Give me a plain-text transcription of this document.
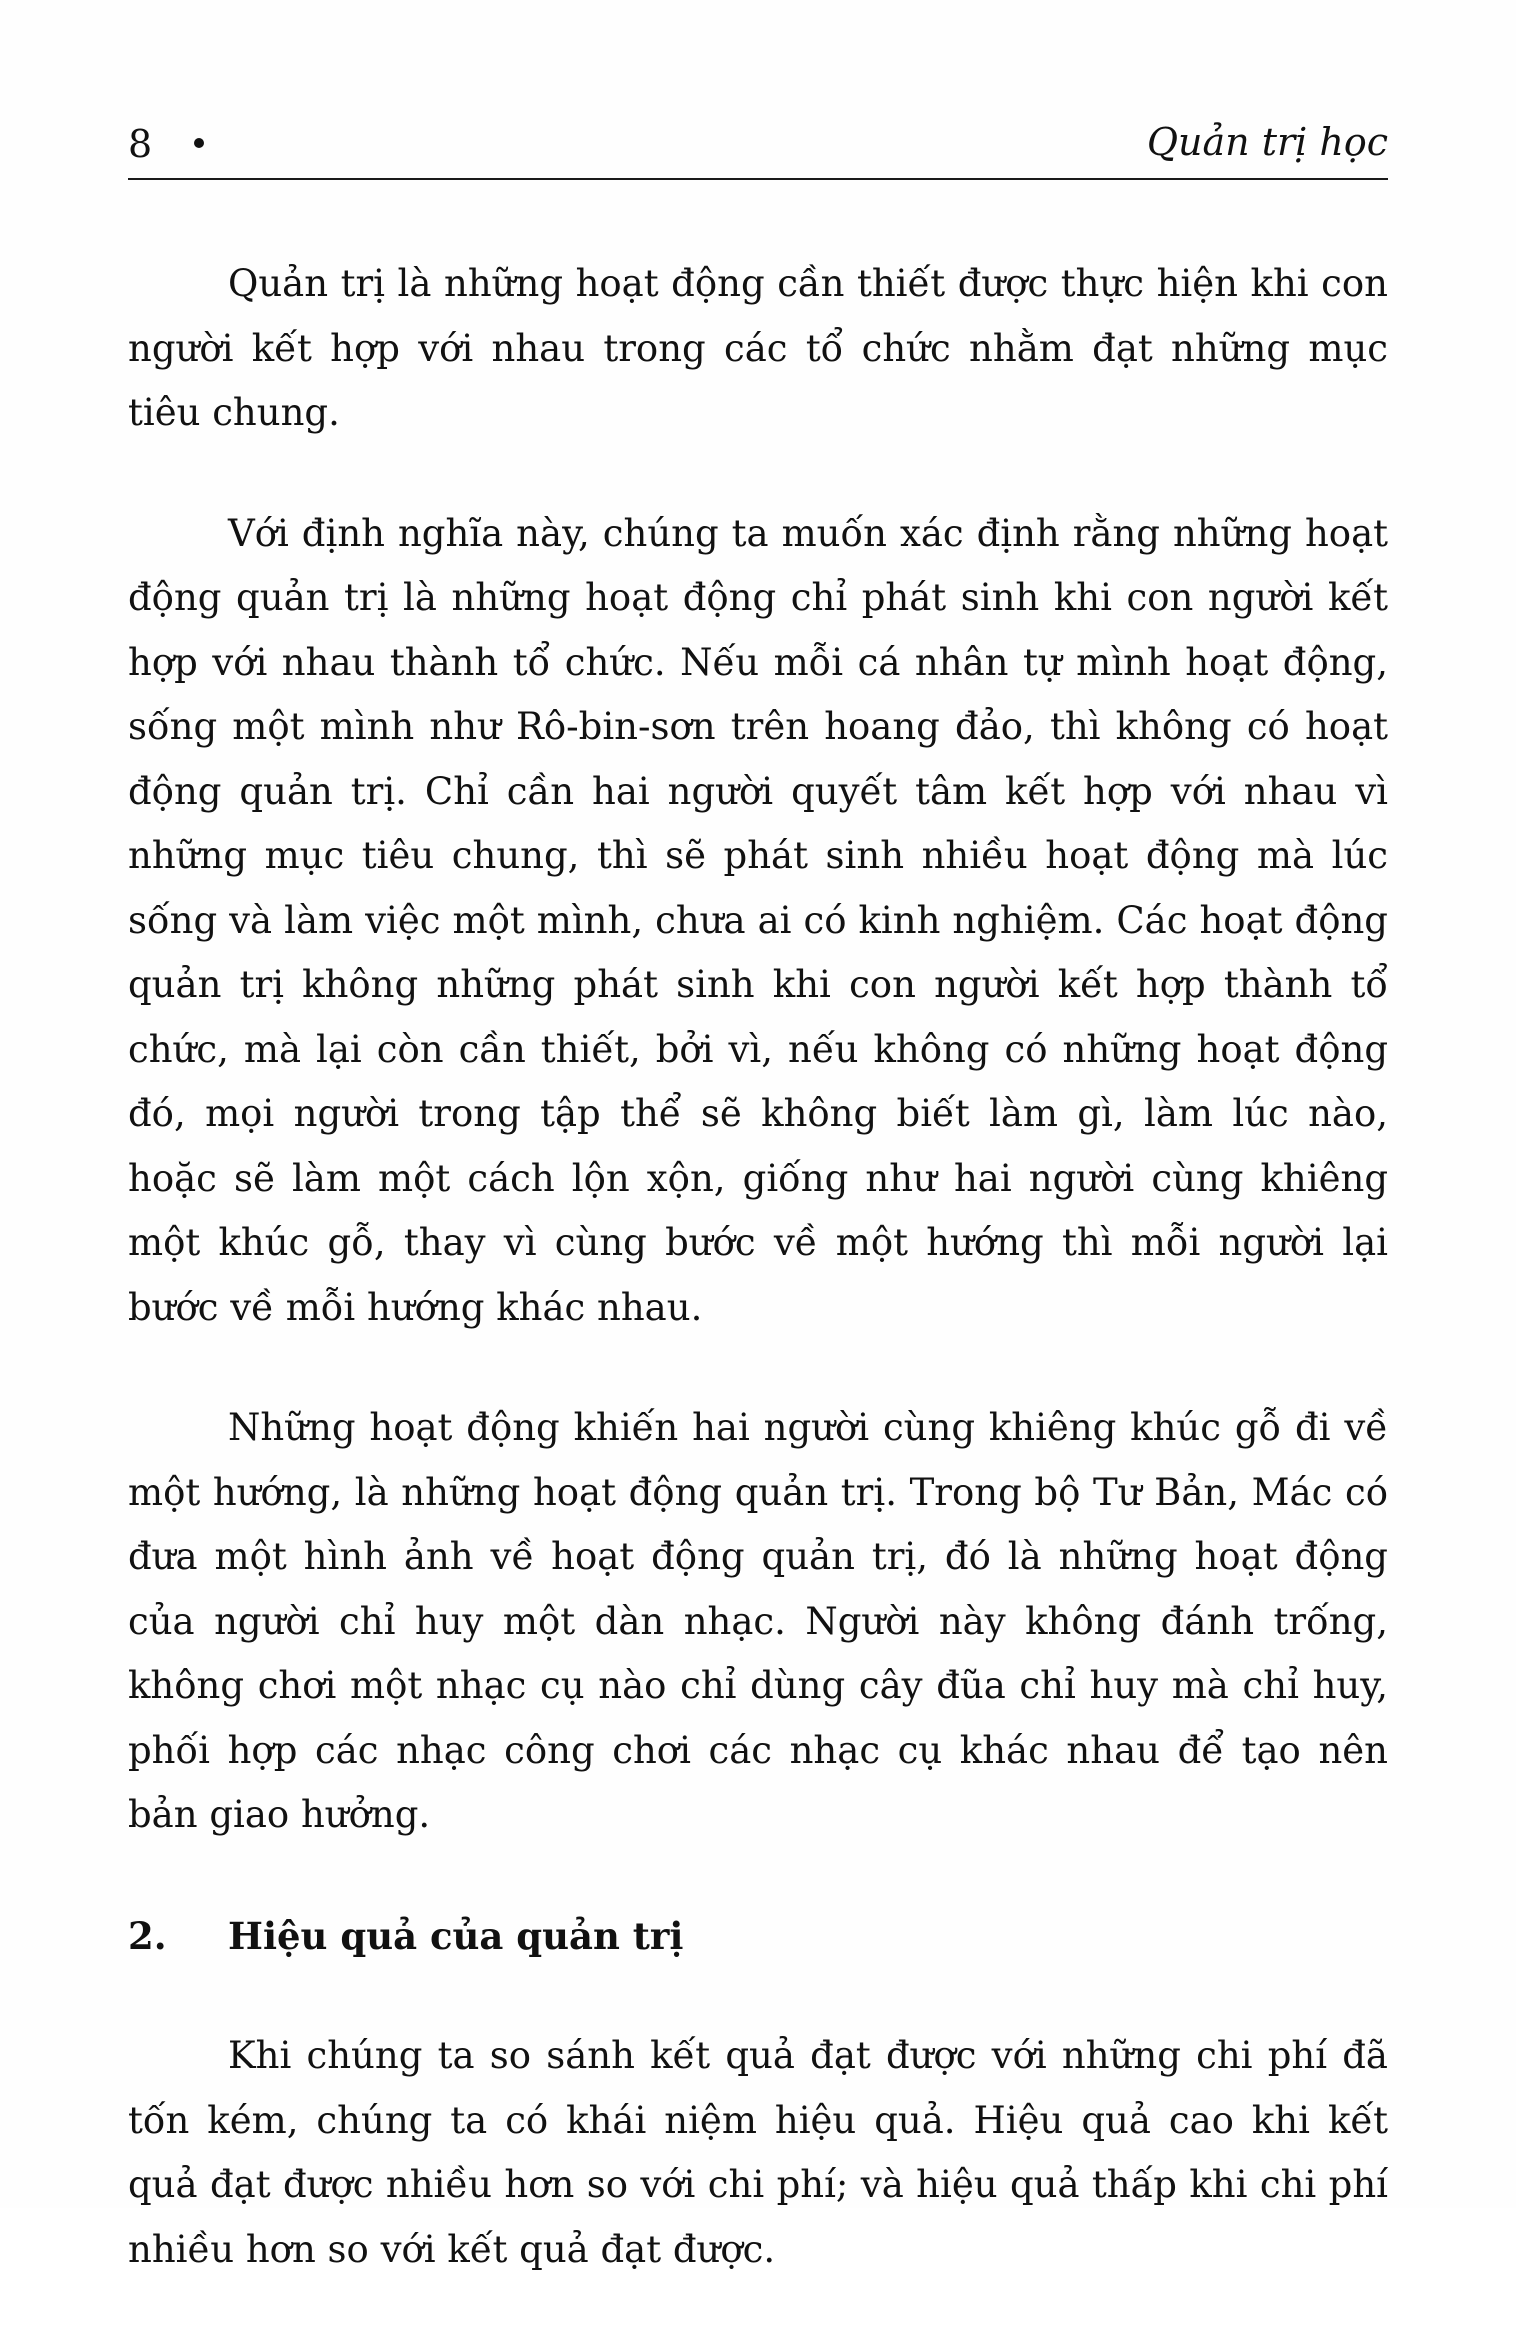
8	Quản trị học

Quản trị là những hoạt động cần thiết được thực hiện khi con người kết hợp với nhau trong các tổ chức nhằm đạt những mục tiêu chung.

Với định nghĩa này, chúng ta muốn xác định rằng những hoạt động quản trị là những hoạt động chỉ phát sinh khi con người kết hợp với nhau thành tổ chức. Nếu mỗi cá nhân tự mình hoạt động, sống một mình như Rô-bin-sơn trên hoang đảo, thì không có hoạt động quản trị. Chỉ cần hai người quyết tâm kết hợp với nhau vì những mục tiêu chung, thì sẽ phát sinh nhiều hoạt động mà lúc sống và làm việc một mình, chưa ai có kinh nghiệm. Các hoạt động quản trị không những phát sinh khi con người kết hợp thành tổ chức, mà lại còn cần thiết, bởi vì, nếu không có những hoạt động đó, mọi người trong tập thể sẽ không biết làm gì, làm lúc nào, hoặc sẽ làm một cách lộn xộn, giống như hai người cùng khiêng một khúc gỗ, thay vì cùng bước về một hướng thì mỗi người lại bước về mỗi hướng khác nhau.

Những hoạt động khiến hai người cùng khiêng khúc gỗ đi về một hướng, là những hoạt động quản trị. Trong bộ Tư Bản, Mác có đưa một hình ảnh về hoạt động quản trị, đó là những hoạt động của người chỉ huy một dàn nhạc. Người này không đánh trống, không chơi một nhạc cụ nào chỉ dùng cây đũa chỉ huy mà chỉ huy, phối hợp các nhạc công chơi các nhạc cụ khác nhau để tạo nên bản giao hưởng.

2.	Hiệu quả của quản trị

Khi chúng ta so sánh kết quả đạt được với những chi phí đã tốn kém, chúng ta có khái niệm hiệu quả. Hiệu quả cao khi kết quả đạt được nhiều hơn so với chi phí; và hiệu quả thấp khi chi phí nhiều hơn so với kết quả đạt được.
